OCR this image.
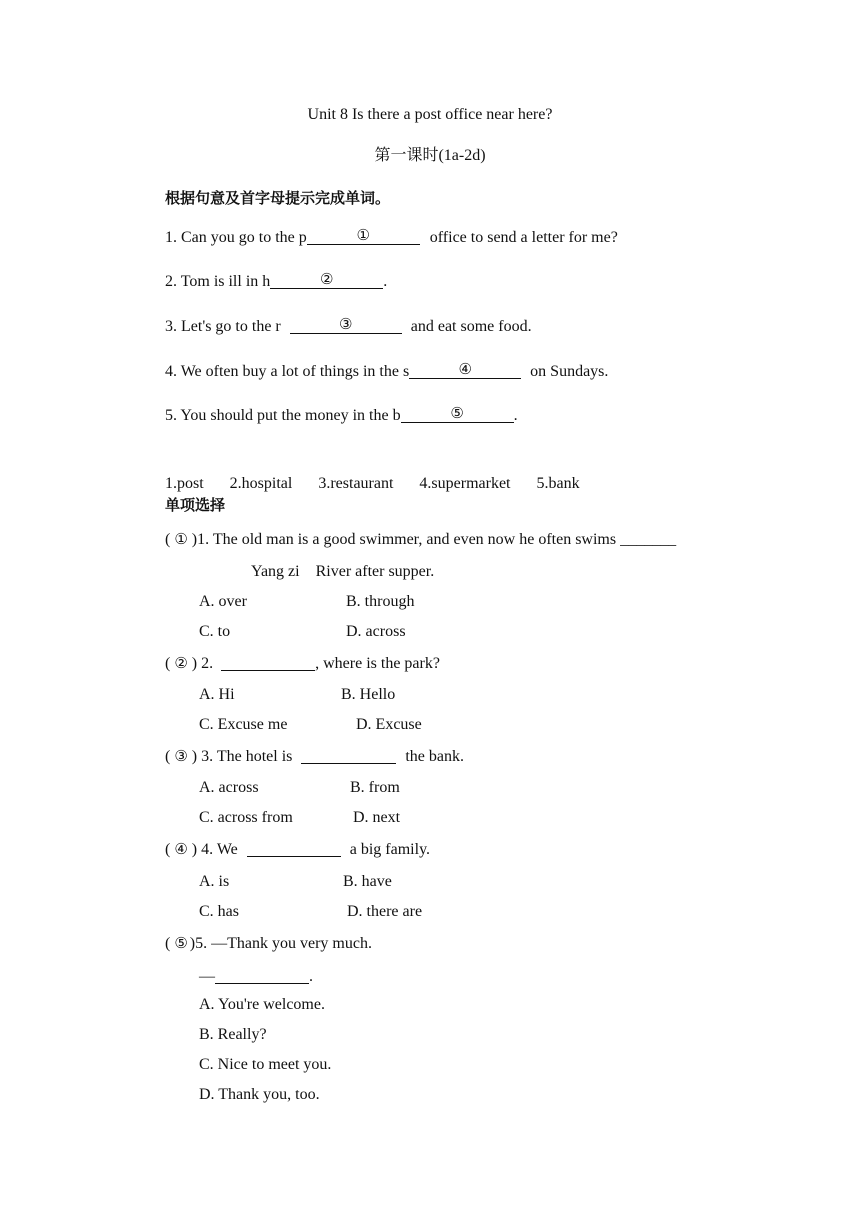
Unit 8 Is there a post office near here?
第一课时(1a-2d)
根据句意及首字母提示完成单词。
1. Can you go to the p	①	office to send a letter for me?
2. Tom is ill in h	②	.
3. Let's go to the r	③	and eat some food.
4. We often buy a lot of things in the s	④	on Sundays.
5. You should put the money in the b	⑤	.
1.post 2.hospital 3.restaurant 4.supermarket 5.bank
单项选择
( ① )1. The old man is a good swimmer, and even now he often swims _______
Yang zi    River after supper.
A. over	B. through
C. to	D. across
( ② ) 2.	, where is the park?
A. Hi	B. Hello
C. Excuse me	D. Excuse
( ③ ) 3. The hotel is	the bank.
A. across	B. from
C. across from	D. next
( ④ ) 4. We	a big family.
A. is	B. have
C. has	D. there are
( ⑤ )5. —Thank you very much.
—	.
A. You're welcome.
B. Really?
C. Nice to meet you.
D. Thank you, too.
